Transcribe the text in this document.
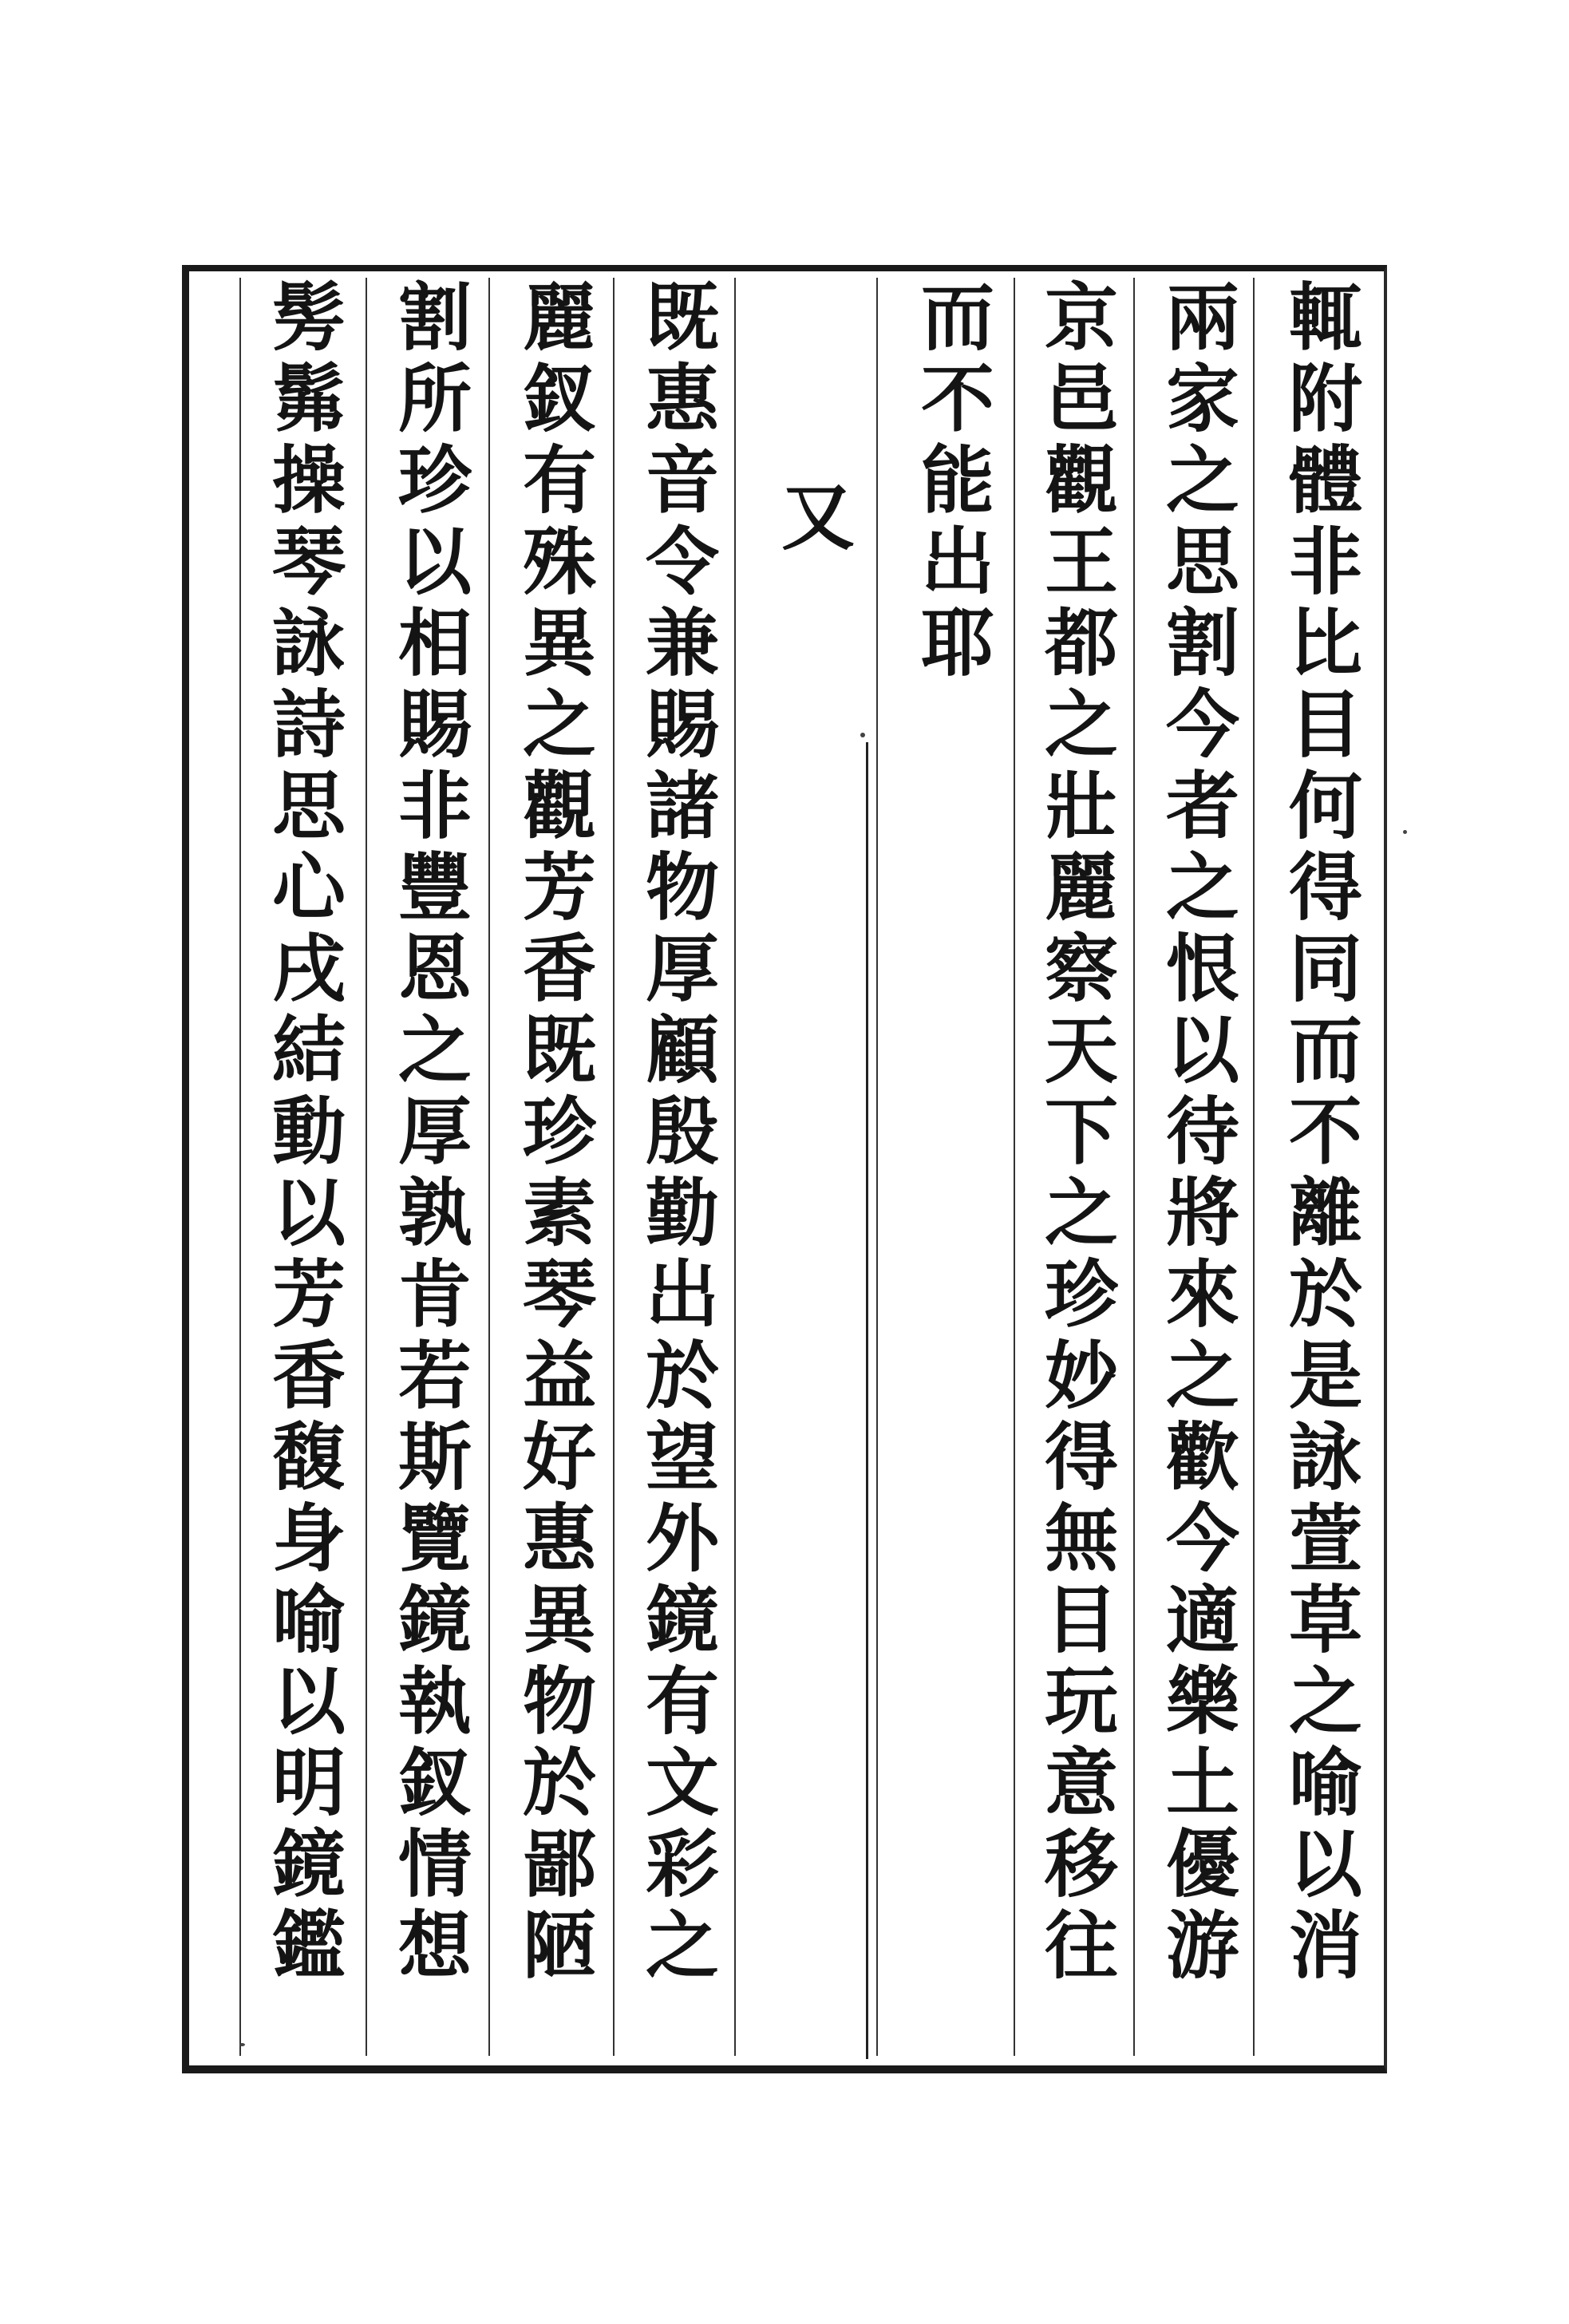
輒
附
體
非
比
目
何
得
同
而
不
離
於
是
詠
萱
草
之
喻
以
消
兩
家
之
思
割
今
者
之
恨
以
待
將
來
之
歡
今
適
樂
土
優
游
京
邑
觀
王
都
之
壯
麗
察
天
下
之
珍
妙
得
無
目
玩
意
移
往
而
不
能
出
耶
又
既
惠
音
令
兼
賜
諸
物
厚
顧
殷
勤
出
於
望
外
鏡
有
文
彩
之
麗
釵
有
殊
異
之
觀
芳
香
既
珍
素
琴
益
好
惠
異
物
於
鄙
陋
割
所
珍
以
相
賜
非
豐
恩
之
厚
孰
肯
若
斯
覽
鏡
執
釵
情
想
髣
髴
操
琴
詠
詩
思
心
戌
結
動
以
芳
香
馥
身
喻
以
明
鏡
鑑
